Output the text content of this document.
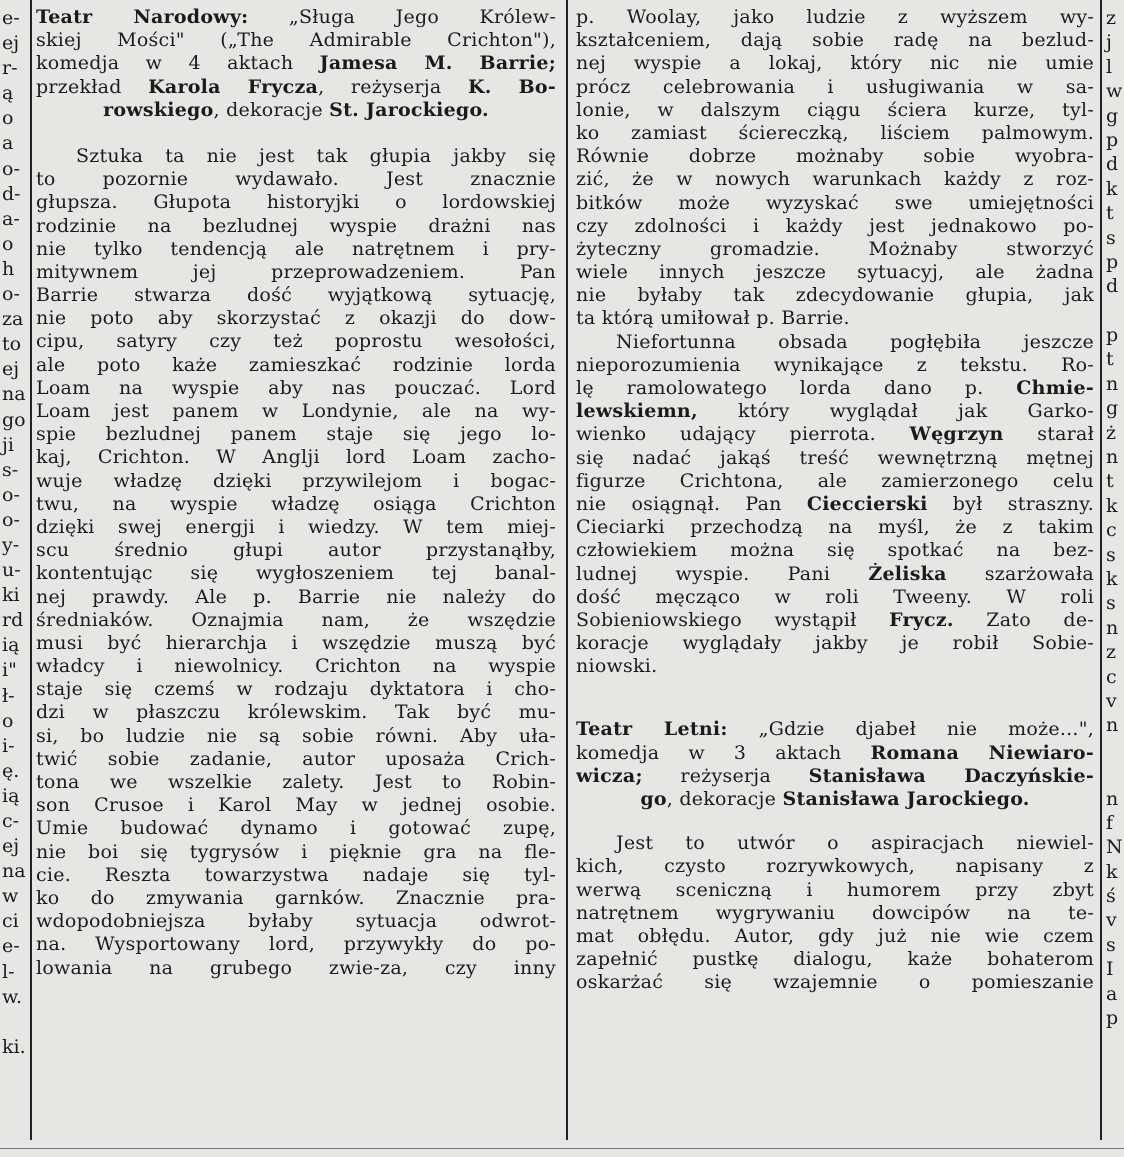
e-
ej
r-
ą
o
a
o-
d-
a-
o
h
o-
za
to
ej
na
go
ji
s-
o-
o-
y-
u-
ki
rd
ią
i"
ł-
o
i-
ę.
ią
c-
ej
na
w
ci
e-
l-
w.
ki.
Teatr Narodowy: „Sługa Jego Królew-
skiej Mości" („The Admirable Crichton"),
komedja w 4 aktach Jamesa M. Barrie;
przekład Karola Frycza, reżyserja K. Bo-
rowskiego, dekoracje St. Jarockiego.
Sztuka ta nie jest tak głupia jakby się
to pozornie wydawało. Jest znacznie
głupsza. Głupota historyjki o lordowskiej
rodzinie na bezludnej wyspie drażni nas
nie tylko tendencją ale natrętnem i pry-
mitywnem jej przeprowadzeniem. Pan
Barrie stwarza dość wyjątkową sytuację,
nie poto aby skorzystać z okazji do dow-
cipu, satyry czy też poprostu wesołości,
ale poto każe zamieszkać rodzinie lorda
Loam na wyspie aby nas pouczać. Lord
Loam jest panem w Londynie, ale na wy-
spie bezludnej panem staje się jego lo-
kaj, Crichton. W Anglji lord Loam zacho-
wuje władzę dzięki przywilejom i bogac-
twu, na wyspie władzę osiąga Crichton
dzięki swej energji i wiedzy. W tem miej-
scu średnio głupi autor przystanąłby,
kontentując się wygłoszeniem tej banal-
nej prawdy. Ale p. Barrie nie należy do
średniaków. Oznajmia nam, że wszędzie
musi być hierarchja i wszędzie muszą być
władcy i niewolnicy. Crichton na wyspie
staje się czemś w rodzaju dyktatora i cho-
dzi w płaszczu królewskim. Tak być mu-
si, bo ludzie nie są sobie równi. Aby uła-
twić sobie zadanie, autor uposaża Crich-
tona we wszelkie zalety. Jest to Robin-
son Crusoe i Karol May w jednej osobie.
Umie budować dynamo i gotować zupę,
nie boi się tygrysów i pięknie gra na fle-
cie. Reszta towarzystwa nadaje się tyl-
ko do zmywania garnków. Znacznie pra-
wdopodobniejsza byłaby sytuacja odwrot-
na. Wysportowany lord, przywykły do po-
lowania na grubego zwie-za, czy inny
p. Woolay, jako ludzie z wyższem wy-
kształceniem, dają sobie radę na bezlud-
nej wyspie a lokaj, który nic nie umie
prócz celebrowania i usługiwania w sa-
lonie, w dalszym ciągu ściera kurze, tyl-
ko zamiast ściereczką, liściem palmowym.
Równie dobrze możnaby sobie wyobra-
zić, że w nowych warunkach każdy z roz-
bitków może wyzyskać swe umiejętności
czy zdolności i każdy jest jednakowo po-
żyteczny gromadzie. Możnaby stworzyć
wiele innych jeszcze sytuacyj, ale żadna
nie byłaby tak zdecydowanie głupia, jak
ta którą umiłował p. Barrie.
Niefortunna obsada pogłębiła jeszcze
nieporozumienia wynikające z tekstu. Ro-
lę ramolowatego lorda dano p. Chmie-
lewskiemn, który wyglądał jak Garko-
wienko udający pierrota. Węgrzyn starał
się nadać jakąś treść wewnętrzną mętnej
figurze Crichtona, ale zamierzonego celu
nie osiągnął. Pan Cieccierski był straszny.
Cieciarki przechodzą na myśl, że z takim
człowiekiem można się spotkać na bez-
ludnej wyspie. Pani Żeliska szarżowała
dość męcząco w roli Tweeny. W roli
Sobieniowskiego wystąpił Frycz. Zato de-
koracje wyglądały jakby je robił Sobie-
niowski.
Teatr Letni: „Gdzie djabeł nie może...",
komedja w 3 aktach Romana Niewiaro-
wicza; reżyserja Stanisława Daczyńskie-
go, dekoracje Stanisława Jarockiego.
Jest to utwór o aspiracjach niewiel-
kich, czysto rozrywkowych, napisany z
werwą sceniczną i humorem przy zbyt
natrętnem wygrywaniu dowcipów na te-
mat obłędu. Autor, gdy już nie wie czem
zapełnić pustkę dialogu, każe bohaterom
oskarżać się wzajemnie o pomieszanie
z
j
l
w
g
p
d
k
t
s
p
d
p
t
n
g
ż
n
t
k
c
s
k
s
n
z
c
v
n
n
f
N
k
ś
v
s
I
a
p
